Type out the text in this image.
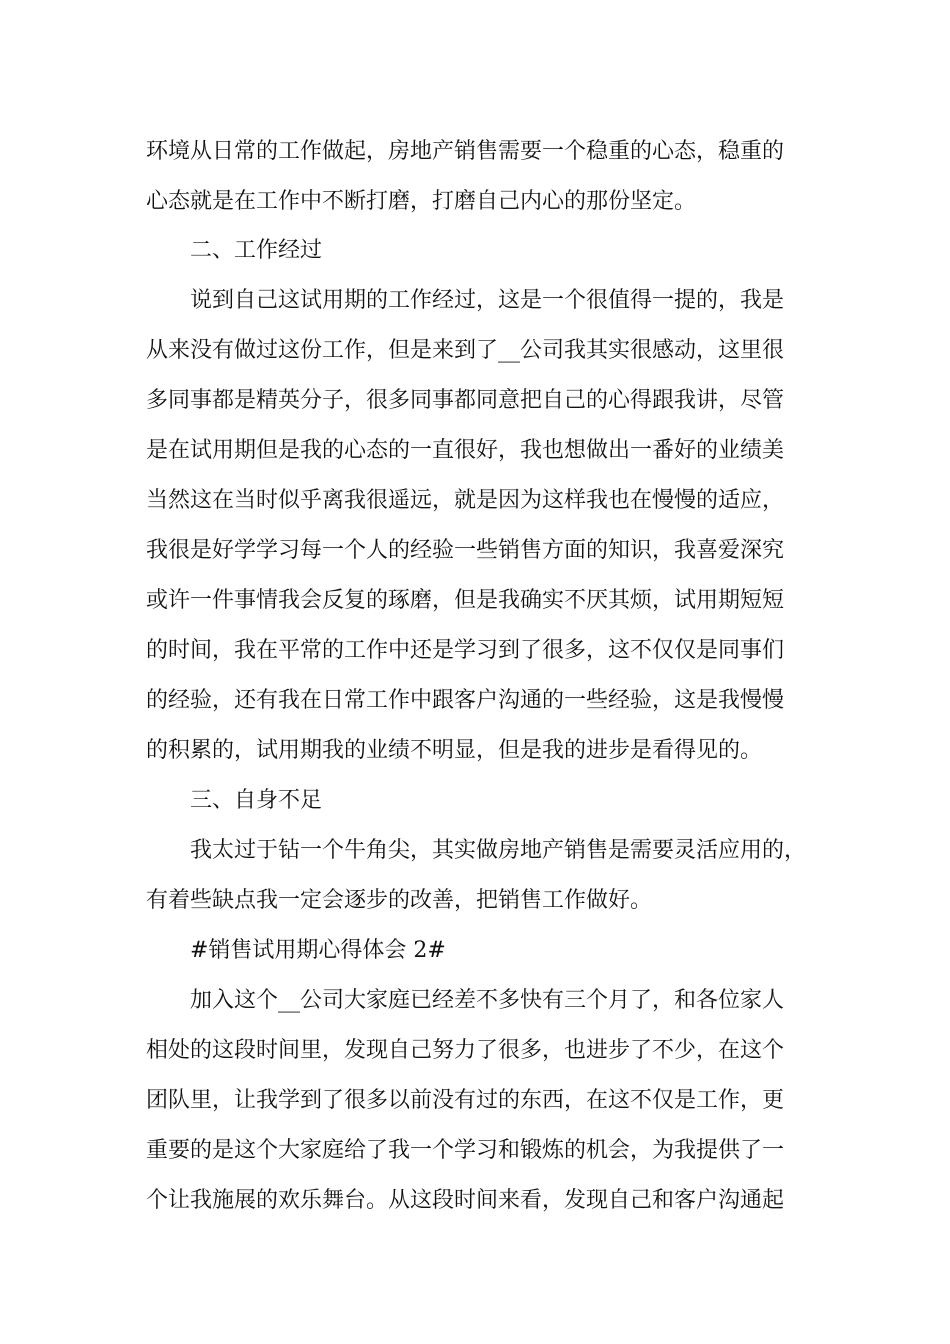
环境从日常的工作做起，房地产销售需要一个稳重的心态，稳重的
心态就是在工作中不断打磨，打磨自己内心的那份坚定。
二、工作经过
说到自己这试用期的工作经过，这是一个很值得一提的，我是
从来没有做过这份工作，但是来到了__公司我其实很感动，这里很
多同事都是精英分子，很多同事都同意把自己的心得跟我讲，尽管
是在试用期但是我的心态的一直很好，我也想做出一番好的业绩美
当然这在当时似乎离我很遥远，就是因为这样我也在慢慢的适应，
我很是好学学习每一个人的经验一些销售方面的知识，我喜爱深究
或许一件事情我会反复的琢磨，但是我确实不厌其烦，试用期短短
的时间，我在平常的工作中还是学习到了很多，这不仅仅是同事们
的经验，还有我在日常工作中跟客户沟通的一些经验，这是我慢慢
的积累的，试用期我的业绩不明显，但是我的进步是看得见的。
三、自身不足
我太过于钻一个牛角尖，其实做房地产销售是需要灵活应用的，
有着些缺点我一定会逐步的改善，把销售工作做好。
#销售试用期心得体会 2#
加入这个__公司大家庭已经差不多快有三个月了，和各位家人
相处的这段时间里，发现自己努力了很多，也进步了不少，在这个
团队里，让我学到了很多以前没有过的东西，在这不仅是工作，更
重要的是这个大家庭给了我一个学习和锻炼的机会，为我提供了一
个让我施展的欢乐舞台。从这段时间来看，发现自己和客户沟通起
